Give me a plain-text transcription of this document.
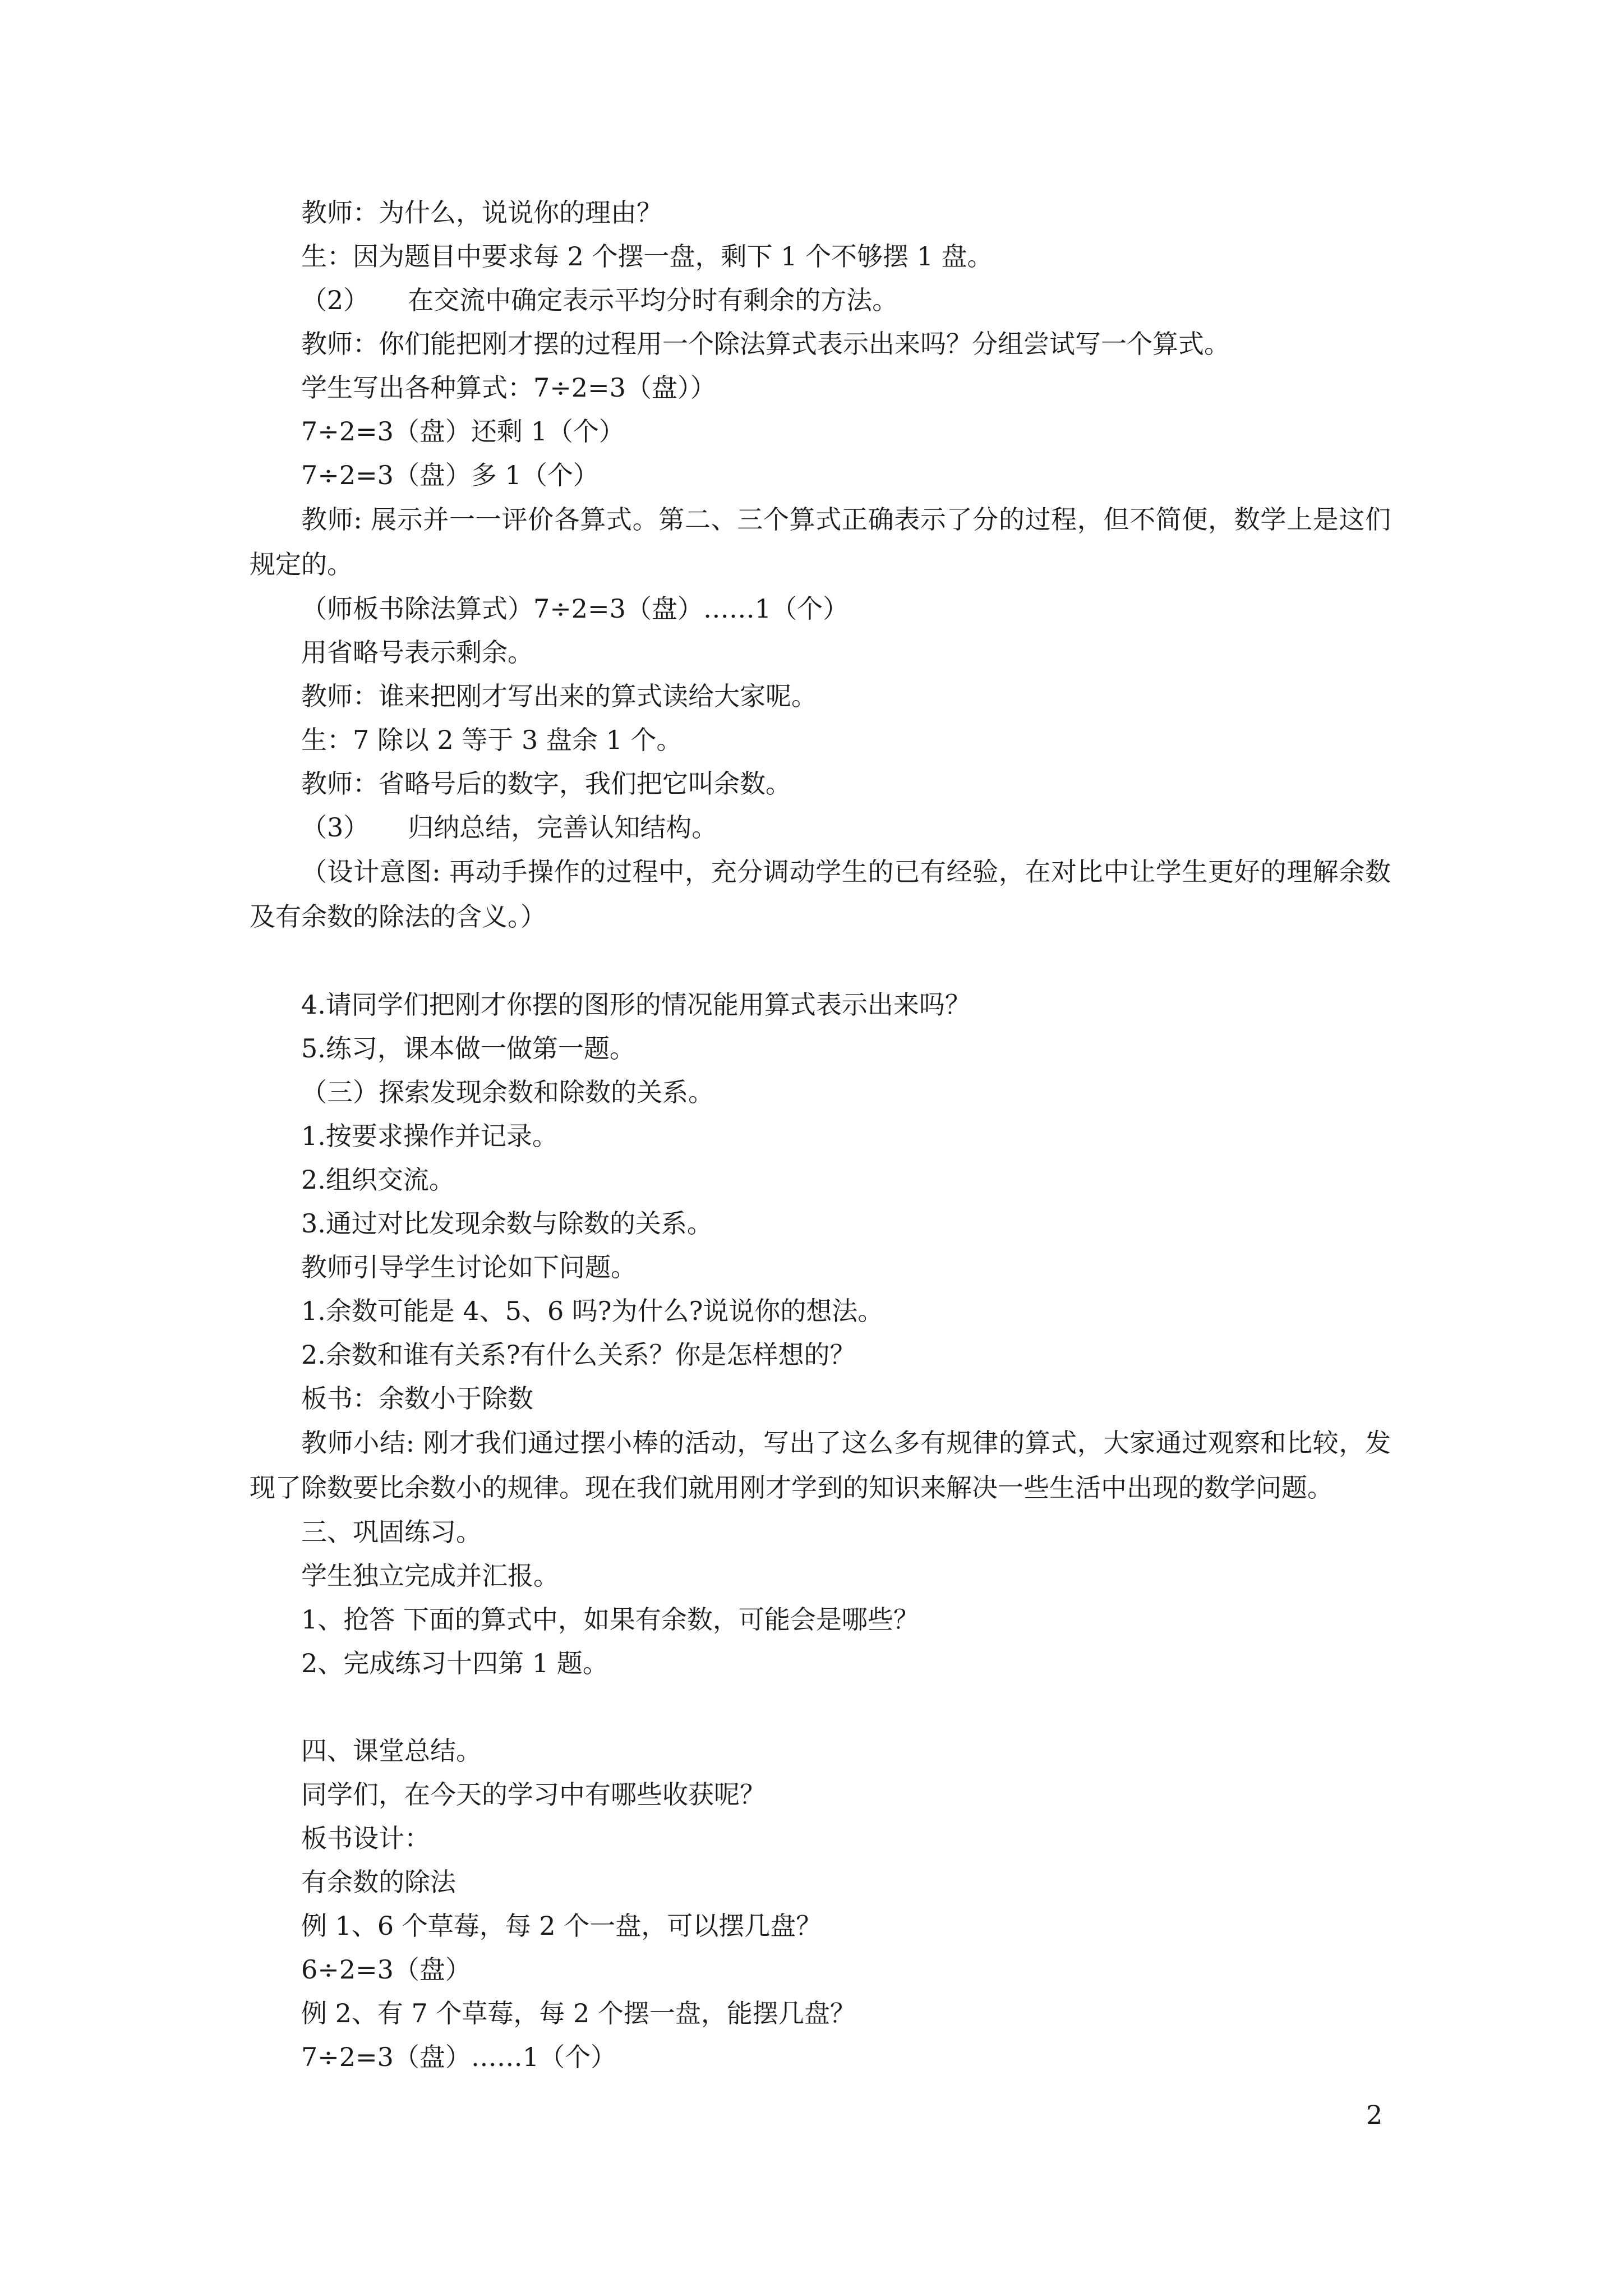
教师：为什么，说说你的理由？
生：因为题目中要求每 2 个摆一盘，剩下 1 个不够摆 1 盘。
（2）　　在交流中确定表示平均分时有剩余的方法。
教师：你们能把刚才摆的过程用一个除法算式表示出来吗？分组尝试写一个算式。
学生写出各种算式：7÷2=3（盘））
7÷2=3（盘）还剩 1（个）
7÷2=3（盘）多 1（个）
教师: 展示并一一评价各算式。第二、三个算式正确表示了分的过程，但不简便，数学上是这们规定的。
（师板书除法算式）7÷2=3（盘）……1（个）
用省略号表示剩余。
教师：谁来把刚才写出来的算式读给大家呢。
生：7 除以 2 等于 3 盘余 1 个。
教师：省略号后的数字，我们把它叫余数。
（3）　　归纳总结，完善认知结构。
（设计意图: 再动手操作的过程中，充分调动学生的已有经验，在对比中让学生更好的理解余数及有余数的除法的含义。）
4.请同学们把刚才你摆的图形的情况能用算式表示出来吗？
5.练习，课本做一做第一题。
（三）探索发现余数和除数的关系。
1.按要求操作并记录。
2.组织交流。
3.通过对比发现余数与除数的关系。
教师引导学生讨论如下问题。
1.余数可能是 4、5、6 吗?为什么?说说你的想法。
2.余数和谁有关系?有什么关系？你是怎样想的？
板书：余数小于除数
教师小结: 刚才我们通过摆小棒的活动，写出了这么多有规律的算式，大家通过观察和比较，发现了除数要比余数小的规律。现在我们就用刚才学到的知识来解决一些生活中出现的数学问题。
三、巩固练习。
学生独立完成并汇报。
1、抢答 下面的算式中，如果有余数，可能会是哪些？
2、完成练习十四第 1 题。
四、课堂总结。
同学们，在今天的学习中有哪些收获呢？
板书设计：
有余数的除法
例 1、6 个草莓，每 2 个一盘，可以摆几盘？
6÷2=3（盘）
例 2、有 7 个草莓，每 2 个摆一盘，能摆几盘？
7÷2=3（盘）……1（个）
2
